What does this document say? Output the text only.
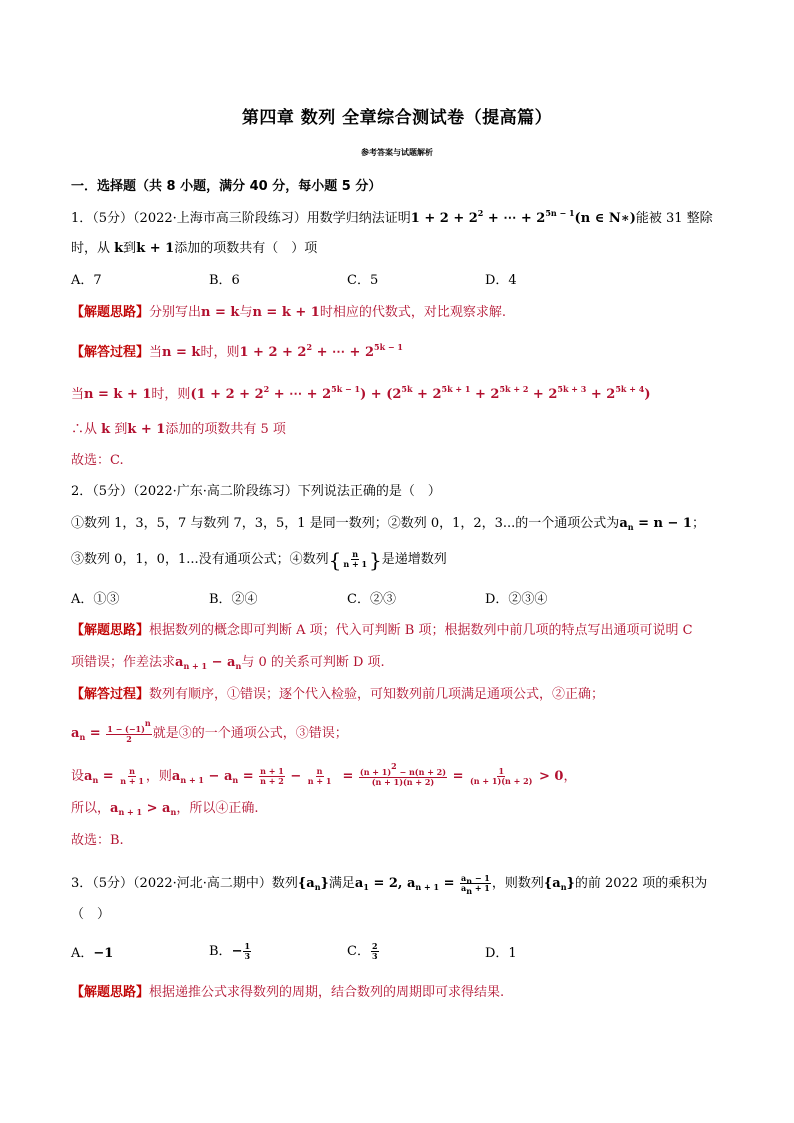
第四章 数列 全章综合测试卷（提高篇）
参考答案与试题解析
一．选择题（共 8 小题，满分 40 分，每小题 5 分）
1．（5分）（2022·上海市高三阶段练习）用数学归纳法证明$1 + 2 + 2^2$ + ⋯ + $2^{5n - 1}(n$ ∈ N∗)能被 31 整除
时，从 k到k + 1添加的项数共有（　）项
A．7	B．6	C．5	D．4
【解题思路】分别写出n = k与n = k + 1时相应的代数式，对比观察求解.
【解答过程】当n = k时，则$1 + 2 + 2^2$ + ⋯ + $2^{5k - 1}$
当n = k + 1时，则($1 + 2 + 2^2$ + ⋯ + $2^{5k - 1}) + (2^{5k} + 2^{5k + 1} + 2^{5k + 2} + 2^{5k + 3} + 2^{5k + 4})$
∴从 k 到k + 1添加的项数共有 5 项
故选：C.
2．（5分）（2022·广东·高二阶段练习）下列说法正确的是（　）
①数列 1，3，5，7 与数列 7，3，5，1 是同一数列；②数列 0，1，2，3...的一个通项公式为$a_n = n - 1$；
③数列 0，1，0，1...没有通项公式；④数列 { $\frac{n}{n + 1}$ } 是递增数列
A．①③	B．②④	C．②③	D．②③④
【解题思路】根据数列的概念即可判断 A 项；代入可判断 B 项；根据数列中前几项的特点写出通项可说明 C
项错误；作差法求$a_{n + 1} - a_n$与 0 的关系可判断 D 项.
【解答过程】数列有顺序，①错误；逐个代入检验，可知数列前几项满足通项公式，②正确；
$a_n = \frac{1 - (-1)^n}{2}$ 就是③的一个通项公式，③错误；
设$a_n = \frac{n}{n + 1}$ ，则$a_{n + 1} - a_n = \frac{n + 1}{n + 2} - \frac{n}{n + 1} = \frac{(n + 1)^2 - n(n + 2)}{(n + 1)(n + 2)} = \frac{1}{(n + 1)(n + 2)} > 0$，
所以，$a_{n + 1} > a_n$，所以④正确.
故选：B.
3．（5分）（2022·河北·高二期中）数列$\{a_n\}$满足$a_1 = 2$, $a_{n + 1} = \frac{a_n - 1}{a_n + 1}$ ，则数列$\{a_n\}$的前 2022 项的乘积为
（　）
A．−1	B．− $\frac{1}{3}$	C． $\frac{2}{3}$	D．1
【解题思路】根据递推公式求得数列的周期，结合数列的周期即可求得结果.
